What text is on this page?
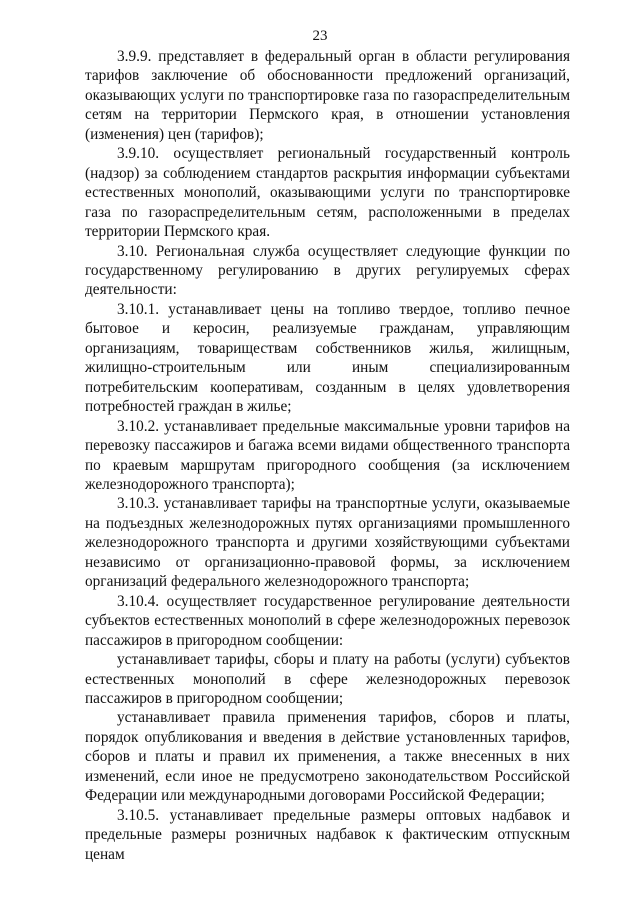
23

3.9.9. представляет в федеральный орган в области регулирования тарифов заключение об обоснованности предложений организаций, оказывающих услуги по транспортировке газа по газораспределительным сетям на территории Пермского края, в отношении установления (изменения) цен (тарифов);

3.9.10. осуществляет региональный государственный контроль (надзор) за соблюдением стандартов раскрытия информации субъектами естественных монополий, оказывающими услуги по транспортировке газа по газораспределительным сетям, расположенными в пределах территории Пермского края.

3.10. Региональная служба осуществляет следующие функции по государственному регулированию в других регулируемых сферах деятельности:

3.10.1. устанавливает цены на топливо твердое, топливо печное бытовое и керосин, реализуемые гражданам, управляющим организациям, товариществам собственников жилья, жилищным, жилищно-строительным или иным специализированным потребительским кооперативам, созданным в целях удовлетворения потребностей граждан в жилье;

3.10.2. устанавливает предельные максимальные уровни тарифов на перевозку пассажиров и багажа всеми видами общественного транспорта по краевым маршрутам пригородного сообщения (за исключением железнодорожного транспорта);

3.10.3. устанавливает тарифы на транспортные услуги, оказываемые на подъездных железнодорожных путях организациями промышленного железнодорожного транспорта и другими хозяйствующими субъектами независимо от организационно-правовой формы, за исключением организаций федерального железнодорожного транспорта;

3.10.4. осуществляет государственное регулирование деятельности субъектов естественных монополий в сфере железнодорожных перевозок пассажиров в пригородном сообщении:

устанавливает тарифы, сборы и плату на работы (услуги) субъектов естественных монополий в сфере железнодорожных перевозок пассажиров в пригородном сообщении;

устанавливает правила применения тарифов, сборов и платы, порядок опубликования и введения в действие установленных тарифов, сборов и платы и правил их применения, а также внесенных в них изменений, если иное не предусмотрено законодательством Российской Федерации или международными договорами Российской Федерации;

3.10.5. устанавливает предельные размеры оптовых надбавок и предельные размеры розничных надбавок к фактическим отпускным ценам
